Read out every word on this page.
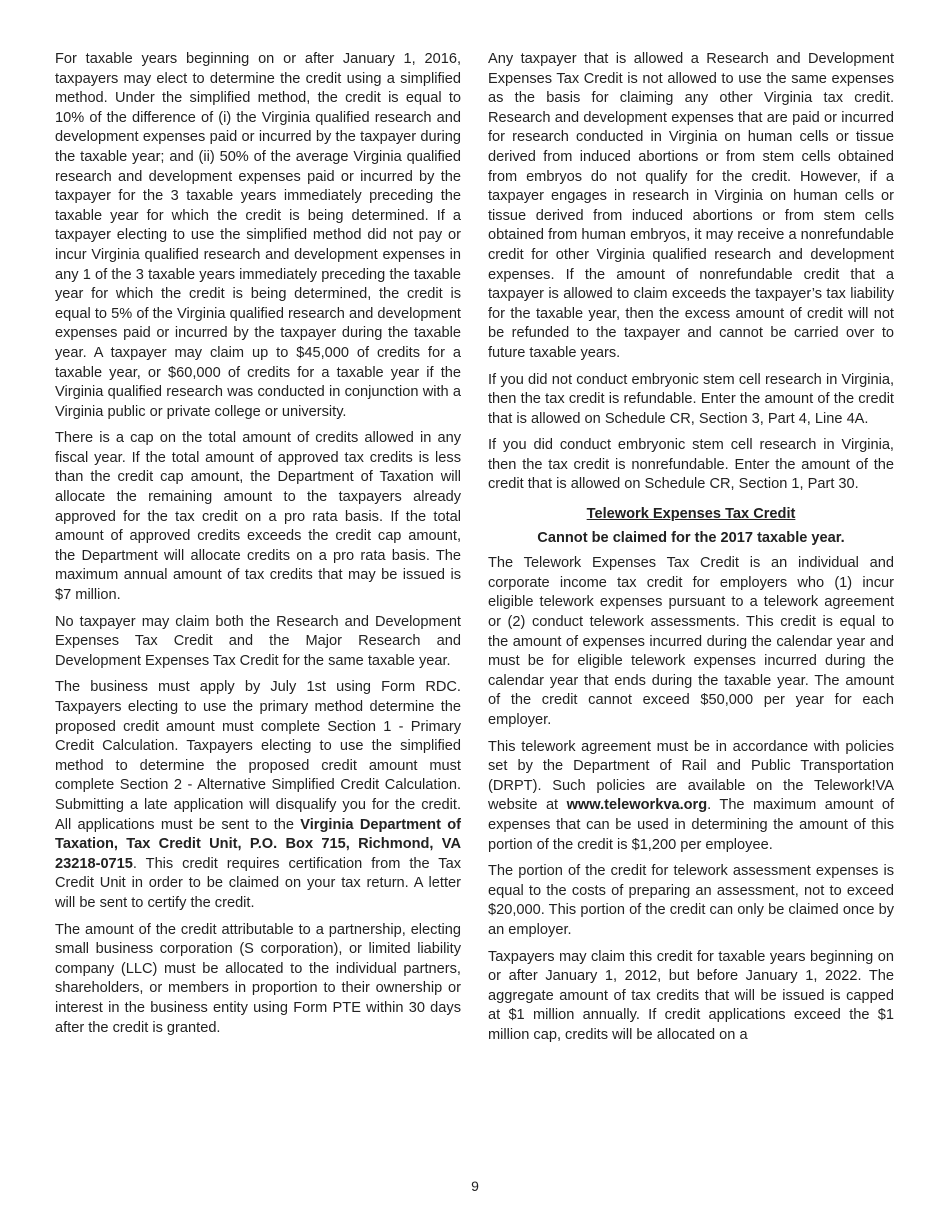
For taxable years beginning on or after January 1, 2016, taxpayers may elect to determine the credit using a simplified method. Under the simplified method, the credit is equal to 10% of the difference of (i) the Virginia qualified research and development expenses paid or incurred by the taxpayer during the taxable year; and (ii) 50% of the average Virginia qualified research and development expenses paid or incurred by the taxpayer for the 3 taxable years immediately preceding the taxable year for which the credit is being determined. If a taxpayer electing to use the simplified method did not pay or incur Virginia qualified research and development expenses in any 1 of the 3 taxable years immediately preceding the taxable year for which the credit is being determined, the credit is equal to 5% of the Virginia qualified research and development expenses paid or incurred by the taxpayer during the taxable year. A taxpayer may claim up to $45,000 of credits for a taxable year, or $60,000 of credits for a taxable year if the Virginia qualified research was conducted in conjunction with a Virginia public or private college or university.

There is a cap on the total amount of credits allowed in any fiscal year. If the total amount of approved tax credits is less than the credit cap amount, the Department of Taxation will allocate the remaining amount to the taxpayers already approved for the tax credit on a pro rata basis. If the total amount of approved credits exceeds the credit cap amount, the Department will allocate credits on a pro rata basis. The maximum annual amount of tax credits that may be issued is $7 million.

No taxpayer may claim both the Research and Development Expenses Tax Credit and the Major Research and Development Expenses Tax Credit for the same taxable year.

The business must apply by July 1st using Form RDC. Taxpayers electing to use the primary method determine the proposed credit amount must complete Section 1 - Primary Credit Calculation. Taxpayers electing to use the simplified method to determine the proposed credit amount must complete Section 2 - Alternative Simplified Credit Calculation. Submitting a late application will disqualify you for the credit. All applications must be sent to the Virginia Department of Taxation, Tax Credit Unit, P.O. Box 715, Richmond, VA 23218-0715. This credit requires certification from the Tax Credit Unit in order to be claimed on your tax return. A letter will be sent to certify the credit.

The amount of the credit attributable to a partnership, electing small business corporation (S corporation), or limited liability company (LLC) must be allocated to the individual partners, shareholders, or members in proportion to their ownership or interest in the business entity using Form PTE within 30 days after the credit is granted.

Any taxpayer that is allowed a Research and Development Expenses Tax Credit is not allowed to use the same expenses as the basis for claiming any other Virginia tax credit. Research and development expenses that are paid or incurred for research conducted in Virginia on human cells or tissue derived from induced abortions or from stem cells obtained from embryos do not qualify for the credit. However, if a taxpayer engages in research in Virginia on human cells or tissue derived from induced abortions or from stem cells obtained from human embryos, it may receive a nonrefundable credit for other Virginia qualified research and development expenses. If the amount of nonrefundable credit that a taxpayer is allowed to claim exceeds the taxpayer’s tax liability for the taxable year, then the excess amount of credit will not be refunded to the taxpayer and cannot be carried over to future taxable years.

If you did not conduct embryonic stem cell research in Virginia, then the tax credit is refundable. Enter the amount of the credit that is allowed on Schedule CR, Section 3, Part 4, Line 4A.

If you did conduct embryonic stem cell research in Virginia, then the tax credit is nonrefundable. Enter the amount of the credit that is allowed on Schedule CR, Section 1, Part 30.

Telework Expenses Tax Credit
Cannot be claimed for the 2017 taxable year.

The Telework Expenses Tax Credit is an individual and corporate income tax credit for employers who (1) incur eligible telework expenses pursuant to a telework agreement or (2) conduct telework assessments. This credit is equal to the amount of expenses incurred during the calendar year and must be for eligible telework expenses incurred during the calendar year that ends during the taxable year. The amount of the credit cannot exceed $50,000 per year for each employer.

This telework agreement must be in accordance with policies set by the Department of Rail and Public Transportation (DRPT). Such policies are available on the Telework!VA website at www.teleworkva.org. The maximum amount of expenses that can be used in determining the amount of this portion of the credit is $1,200 per employee.

The portion of the credit for telework assessment expenses is equal to the costs of preparing an assessment, not to exceed $20,000. This portion of the credit can only be claimed once by an employer.

Taxpayers may claim this credit for taxable years beginning on or after January 1, 2012, but before January 1, 2022. The aggregate amount of tax credits that will be issued is capped at $1 million annually. If credit applications exceed the $1 million cap, credits will be allocated on a

9
